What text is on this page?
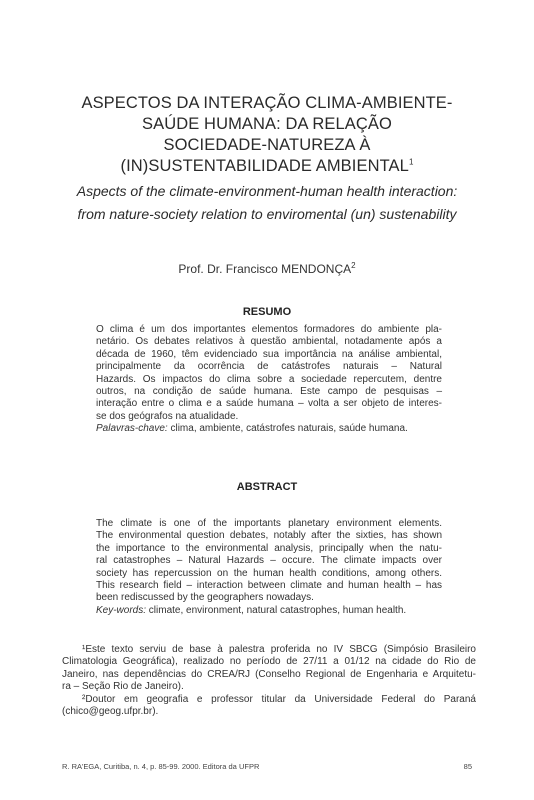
ASPECTOS DA INTERAÇÃO CLIMA-AMBIENTE-
SAÚDE HUMANA: DA RELAÇÃO
SOCIEDADE-NATUREZA À
(IN)SUSTENTABILIDADE AMBIENTAL$^1$
Aspects of the climate-environment-human health interaction:
from nature-society relation to enviromental (un) sustenability
Prof. Dr. Francisco MENDONÇA$^2$
RESUMO
O clima é um dos importantes elementos formadores do ambiente pla-
netário. Os debates relativos à questão ambiental, notadamente após a
década de 1960, têm evidenciado sua importância na análise ambiental,
principalmente da ocorrência de catástrofes naturais – Natural
Hazards. Os impactos do clima sobre a sociedade repercutem, dentre
outros, na condição de saúde humana. Este campo de pesquisas –
interação entre o clima e a saúde humana – volta a ser objeto de interes-
se dos geógrafos na atualidade.
Palavras-chave: clima, ambiente, catástrofes naturais, saúde humana.
ABSTRACT
The climate is one of the importants planetary environment elements.
The environmental question debates, notably after the sixties, has shown
the importance to the environmental analysis, principally when the natu-
ral catastrophes – Natural Hazards – occure. The climate impacts over
society has repercussion on the human health conditions, among others.
This research field – interaction between climate and human health – has
been rediscussed by the geographers nowadays.
Key-words: climate, environment, natural catastrophes, human health.
¹Este texto serviu de base à palestra proferida no IV SBCG (Simpósio Brasileiro
Climatologia Geográfica), realizado no período de 27/11 a 01/12 na cidade do Rio de
Janeiro, nas dependências do CREA/RJ (Conselho Regional de Engenharia e Arquitetu-
ra – Seção Rio de Janeiro).
²Doutor em geografia e professor titular da Universidade Federal do Paraná
(chico@geog.ufpr.br).
R. RA'EGA, Curitiba, n. 4, p. 85-99. 2000. Editora da UFPR	85
